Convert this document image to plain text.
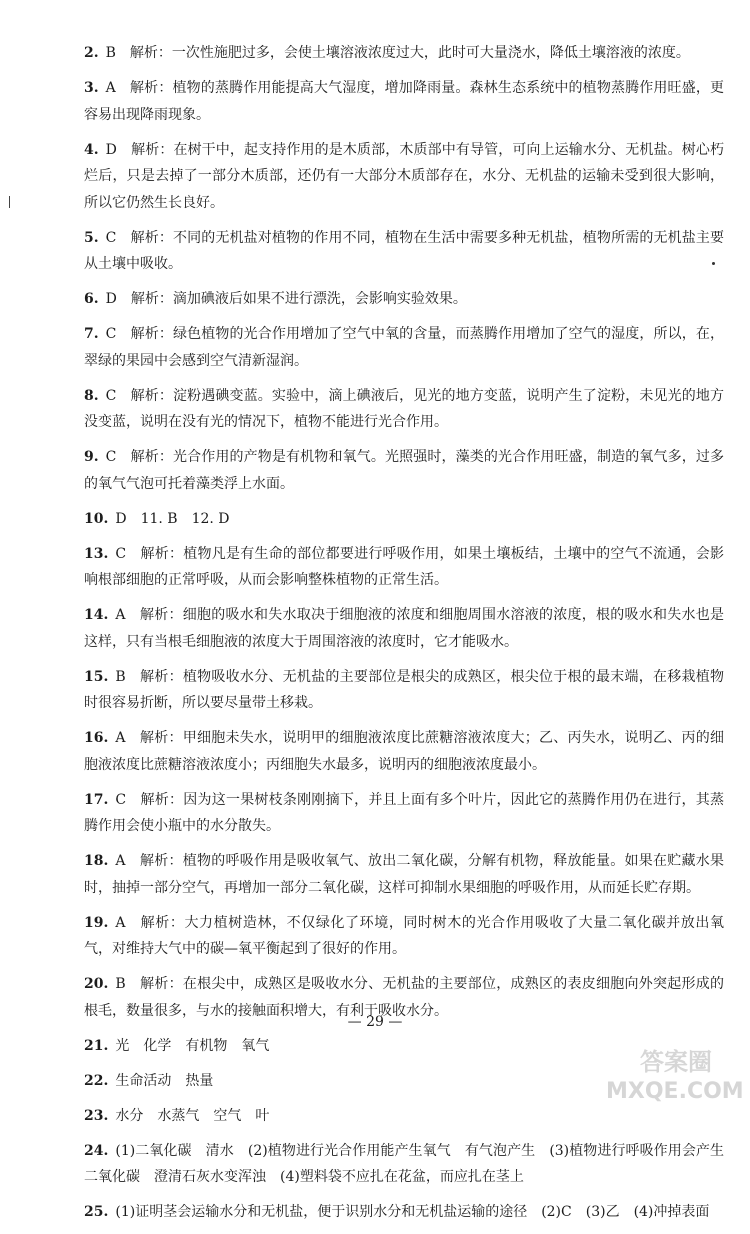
2. B　解析：一次性施肥过多，会使土壤溶液浓度过大，此时可大量浇水，降低土壤溶液的浓度。
3. A　解析：植物的蒸腾作用能提高大气湿度，增加降雨量。森林生态系统中的植物蒸腾作用旺盛，更容易出现降雨现象。
4. D　解析：在树干中，起支持作用的是木质部，木质部中有导管，可向上运输水分、无机盐。树心朽烂后，只是去掉了一部分木质部，还仍有一大部分木质部存在，水分、无机盐的运输未受到很大影响，所以它仍然生长良好。
5. C　解析：不同的无机盐对植物的作用不同，植物在生活中需要多种无机盐，植物所需的无机盐主要从土壤中吸收。
6. D　解析：滴加碘液后如果不进行漂洗，会影响实验效果。
7. C　解析：绿色植物的光合作用增加了空气中氧的含量，而蒸腾作用增加了空气的湿度，所以，在，翠绿的果园中会感到空气清新湿润。
8. C　解析：淀粉遇碘变蓝。实验中，滴上碘液后，见光的地方变蓝，说明产生了淀粉，未见光的地方没变蓝，说明在没有光的情况下，植物不能进行光合作用。
9. C　解析：光合作用的产物是有机物和氧气。光照强时，藻类的光合作用旺盛，制造的氧气多，过多的氧气气泡可托着藻类浮上水面。
10. D　11. B　12. D
13. C　解析：植物凡是有生命的部位都要进行呼吸作用，如果土壤板结，土壤中的空气不流通，会影响根部细胞的正常呼吸，从而会影响整株植物的正常生活。
14. A　解析：细胞的吸水和失水取决于细胞液的浓度和细胞周围水溶液的浓度，根的吸水和失水也是这样，只有当根毛细胞液的浓度大于周围溶液的浓度时，它才能吸水。
15. B　解析：植物吸收水分、无机盐的主要部位是根尖的成熟区，根尖位于根的最末端，在移栽植物时很容易折断，所以要尽量带土移栽。
16. A　解析：甲细胞未失水，说明甲的细胞液浓度比蔗糖溶液浓度大；乙、丙失水，说明乙、丙的细胞液浓度比蔗糖溶液浓度小；丙细胞失水最多，说明丙的细胞液浓度最小。
17. C　解析：因为这一果树枝条刚刚摘下，并且上面有多个叶片，因此它的蒸腾作用仍在进行，其蒸腾作用会使小瓶中的水分散失。
18. A　解析：植物的呼吸作用是吸收氧气、放出二氧化碳，分解有机物，释放能量。如果在贮藏水果时，抽掉一部分空气，再增加一部分二氧化碳，这样可抑制水果细胞的呼吸作用，从而延长贮存期。
19. A　解析：大力植树造林，不仅绿化了环境，同时树木的光合作用吸收了大量二氧化碳并放出氧气，对维持大气中的碳—氧平衡起到了很好的作用。
20. B　解析：在根尖中，成熟区是吸收水分、无机盐的主要部位，成熟区的表皮细胞向外突起形成的根毛，数量很多，与水的接触面积增大，有利于吸收水分。
21. 光　化学　有机物　氧气
22. 生命活动　热量
23. 水分　水蒸气　空气　叶
24. (1)二氧化碳　清水　(2)植物进行光合作用能产生氧气　有气泡产生　(3)植物进行呼吸作用会产生二氧化碳　澄清石灰水变浑浊　(4)塑料袋不应扎在花盆，而应扎在茎上
25. (1)证明茎会运输水分和无机盐，便于识别水分和无机盐运输的途径　(2)C　(3)乙　(4)冲掉表面
— 29 —
答案圈
MXQE.COM
